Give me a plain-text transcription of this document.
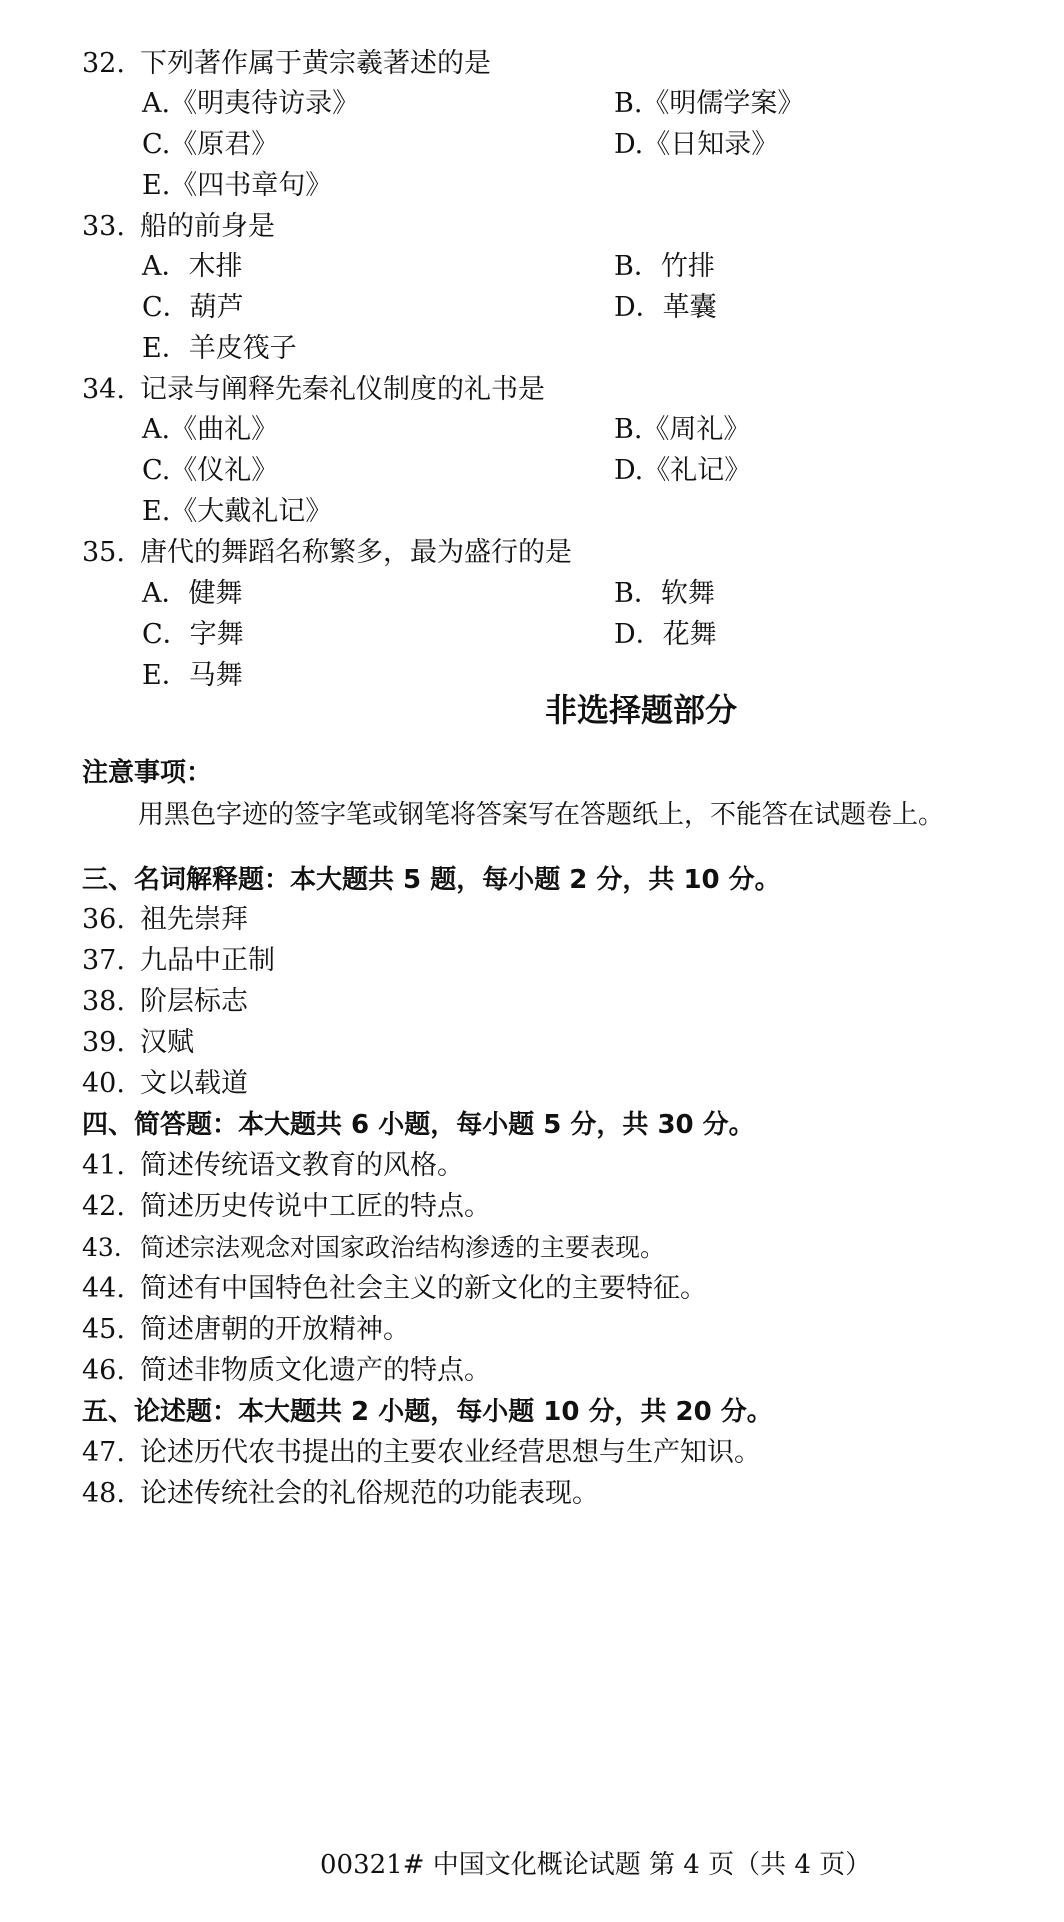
32. 下列著作属于黄宗羲著述的是
A.《明夷待访录》	B.《明儒学案》
C.《原君》	D.《日知录》
E.《四书章句》
33. 船的前身是
A．木排	B．竹排
C．葫芦	D．革囊
E．羊皮筏子
34. 记录与阐释先秦礼仪制度的礼书是
A.《曲礼》	B.《周礼》
C.《仪礼》	D.《礼记》
E.《大戴礼记》
35. 唐代的舞蹈名称繁多，最为盛行的是
A．健舞	B．软舞
C．字舞	D．花舞
E．马舞
非选择题部分
注意事项：
用黑色字迹的签字笔或钢笔将答案写在答题纸上，不能答在试题卷上。
三、名词解释题：本大题共 5 题，每小题 2 分，共 10 分。
36. 祖先崇拜
37. 九品中正制
38. 阶层标志
39. 汉赋
40. 文以载道
四、简答题：本大题共 6 小题，每小题 5 分，共 30 分。
41. 简述传统语文教育的风格。
42. 简述历史传说中工匠的特点。
43. 简述宗法观念对国家政治结构渗透的主要表现。
44. 简述有中国特色社会主义的新文化的主要特征。
45. 简述唐朝的开放精神。
46. 简述非物质文化遗产的特点。
五、论述题：本大题共 2 小题，每小题 10 分，共 20 分。
47. 论述历代农书提出的主要农业经营思想与生产知识。
48. 论述传统社会的礼俗规范的功能表现。
00321# 中国文化概论试题 第 4 页（共 4 页）
